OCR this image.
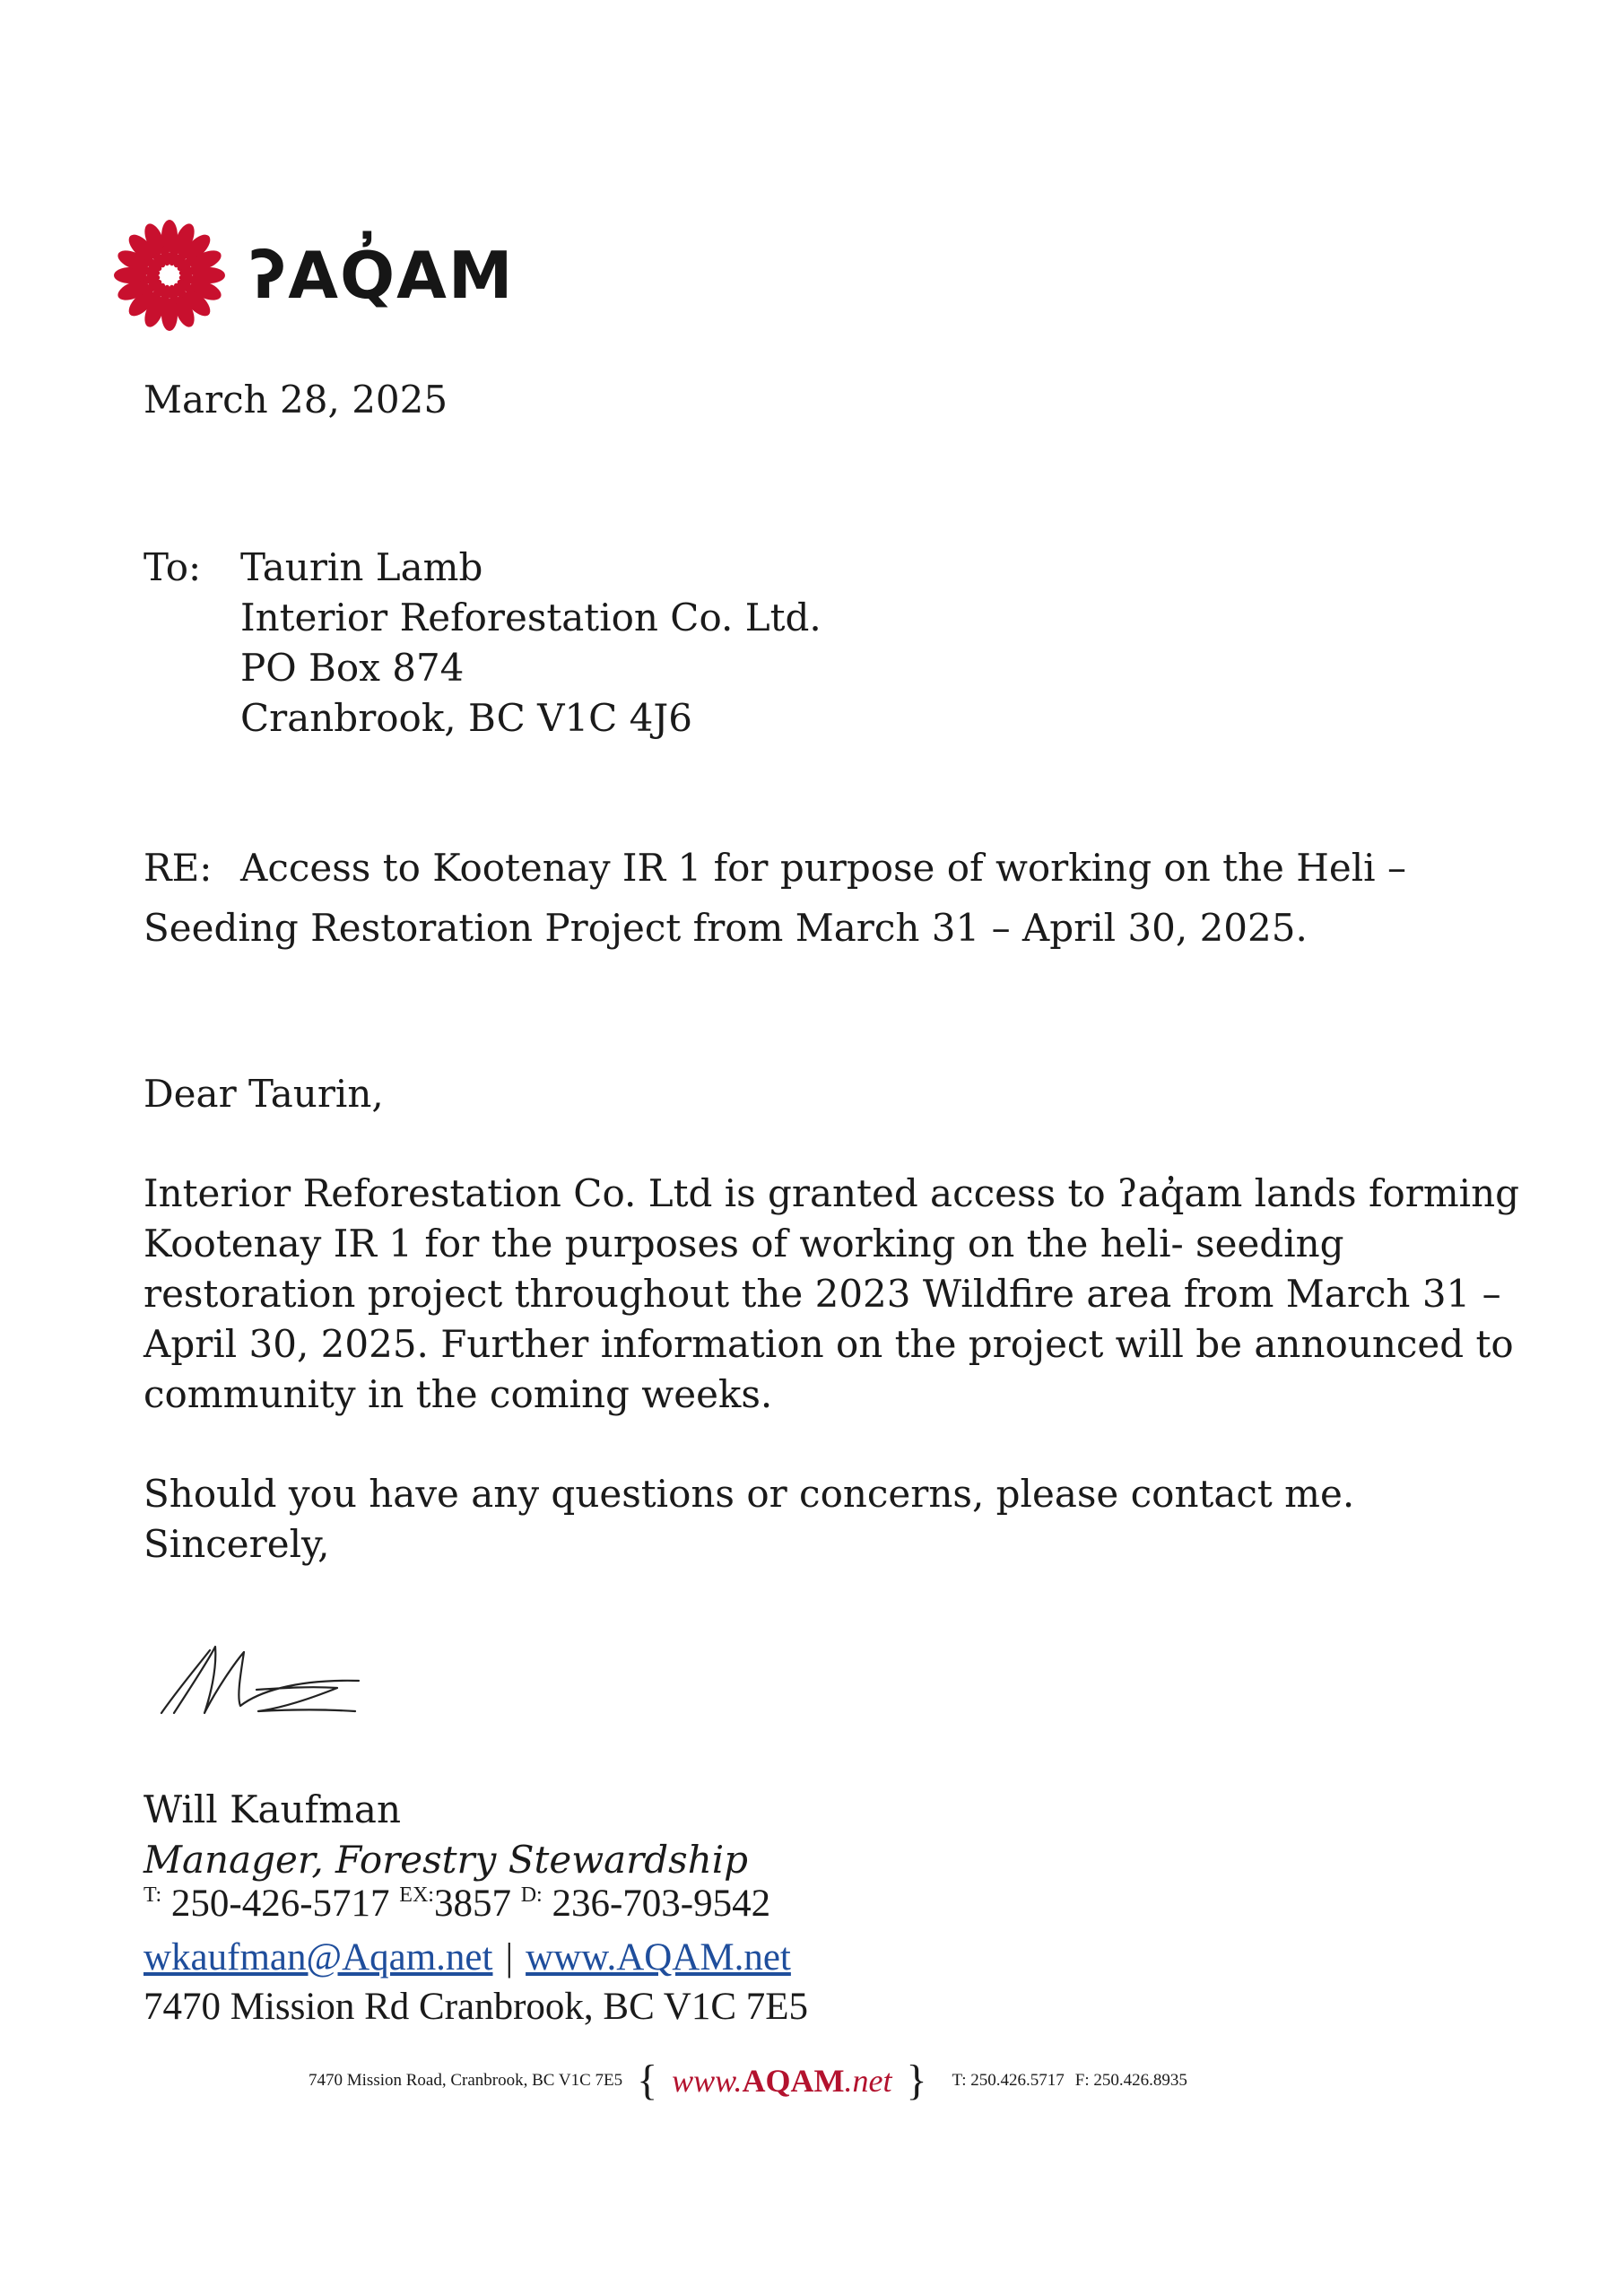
ʔAQ̓AM
March 28, 2025
To: Taurin Lamb
Interior Reforestation Co. Ltd.
PO Box 874
Cranbrook, BC V1C 4J6
RE: Access to Kootenay IR 1 for purpose of working on the Heli –
Seeding Restoration Project from March 31 – April 30, 2025.
Dear Taurin,
Interior Reforestation Co. Ltd is granted access to ʔaq̓am lands forming
Kootenay IR 1 for the purposes of working on the heli- seeding
restoration project throughout the 2023 Wildfire area from March 31 –
April 30, 2025. Further information on the project will be announced to
community in the coming weeks.
Should you have any questions or concerns, please contact me.
Sincerely,
Will Kaufman
Manager, Forestry Stewardship
$^{T:}$ 250-426-5717 $^{EX:}$3857 $^{D:}$ 236-703-9542
wkaufman@Aqam.net | www.AQAM.net
7470 Mission Rd Cranbrook, BC V1C 7E5
7470 Mission Road, Cranbrook, BC V1C 7E5 { www.AQAM.net } T: 250.426.5717 F: 250.426.8935
